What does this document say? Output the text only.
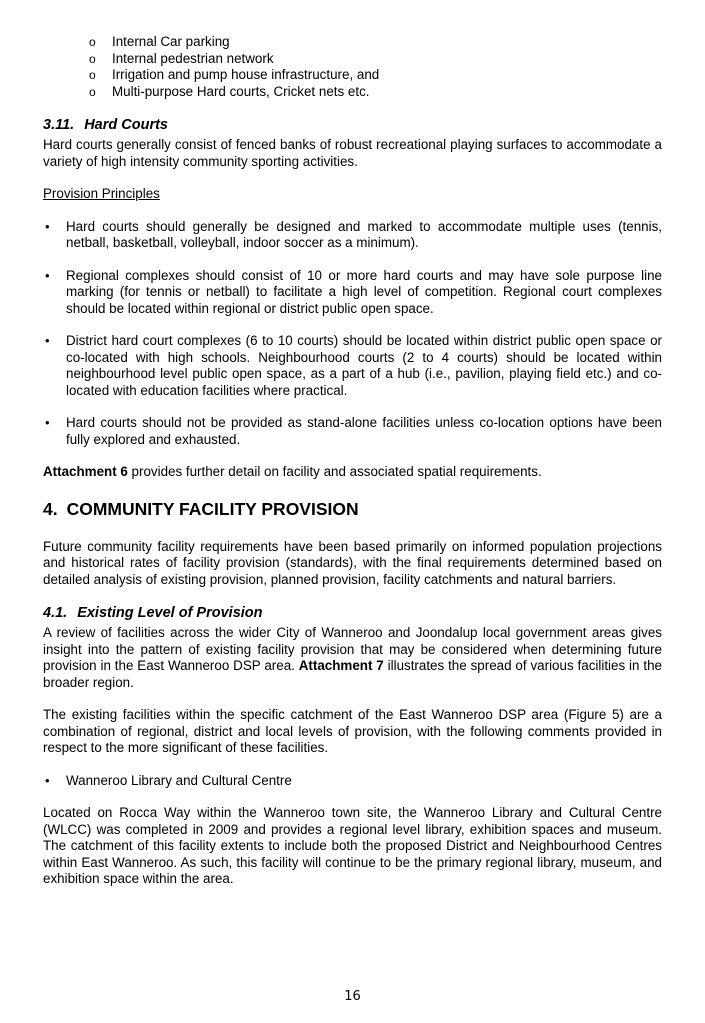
o Internal Car parking
o Internal pedestrian network
o Irrigation and pump house infrastructure, and
o Multi-purpose Hard courts, Cricket nets etc.
3.11. Hard Courts

Hard courts generally consist of fenced banks of robust recreational playing surfaces to accommodate a variety of high intensity community sporting activities.

Provision Principles

• Hard courts should generally be designed and marked to accommodate multiple uses (tennis, netball, basketball, volleyball, indoor soccer as a minimum).
• Regional complexes should consist of 10 or more hard courts and may have sole purpose line marking (for tennis or netball) to facilitate a high level of competition. Regional court complexes should be located within regional or district public open space.
• District hard court complexes (6 to 10 courts) should be located within district public open space or co-located with high schools. Neighbourhood courts (2 to 4 courts) should be located within neighbourhood level public open space, as a part of a hub (i.e., pavilion, playing field etc.) and co-located with education facilities where practical.
• Hard courts should not be provided as stand-alone facilities unless co-location options have been fully explored and exhausted.

Attachment 6 provides further detail on facility and associated spatial requirements.

4. COMMUNITY FACILITY PROVISION

Future community facility requirements have been based primarily on informed population projections and historical rates of facility provision (standards), with the final requirements determined based on detailed analysis of existing provision, planned provision, facility catchments and natural barriers.

4.1. Existing Level of Provision

A review of facilities across the wider City of Wanneroo and Joondalup local government areas gives insight into the pattern of existing facility provision that may be considered when determining future provision in the East Wanneroo DSP area. Attachment 7 illustrates the spread of various facilities in the broader region.

The existing facilities within the specific catchment of the East Wanneroo DSP area (Figure 5) are a combination of regional, district and local levels of provision, with the following comments provided in respect to the more significant of these facilities.

• Wanneroo Library and Cultural Centre

Located on Rocca Way within the Wanneroo town site, the Wanneroo Library and Cultural Centre (WLCC) was completed in 2009 and provides a regional level library, exhibition spaces and museum. The catchment of this facility extents to include both the proposed District and Neighbourhood Centres within East Wanneroo. As such, this facility will continue to be the primary regional library, museum, and exhibition space within the area.

16
